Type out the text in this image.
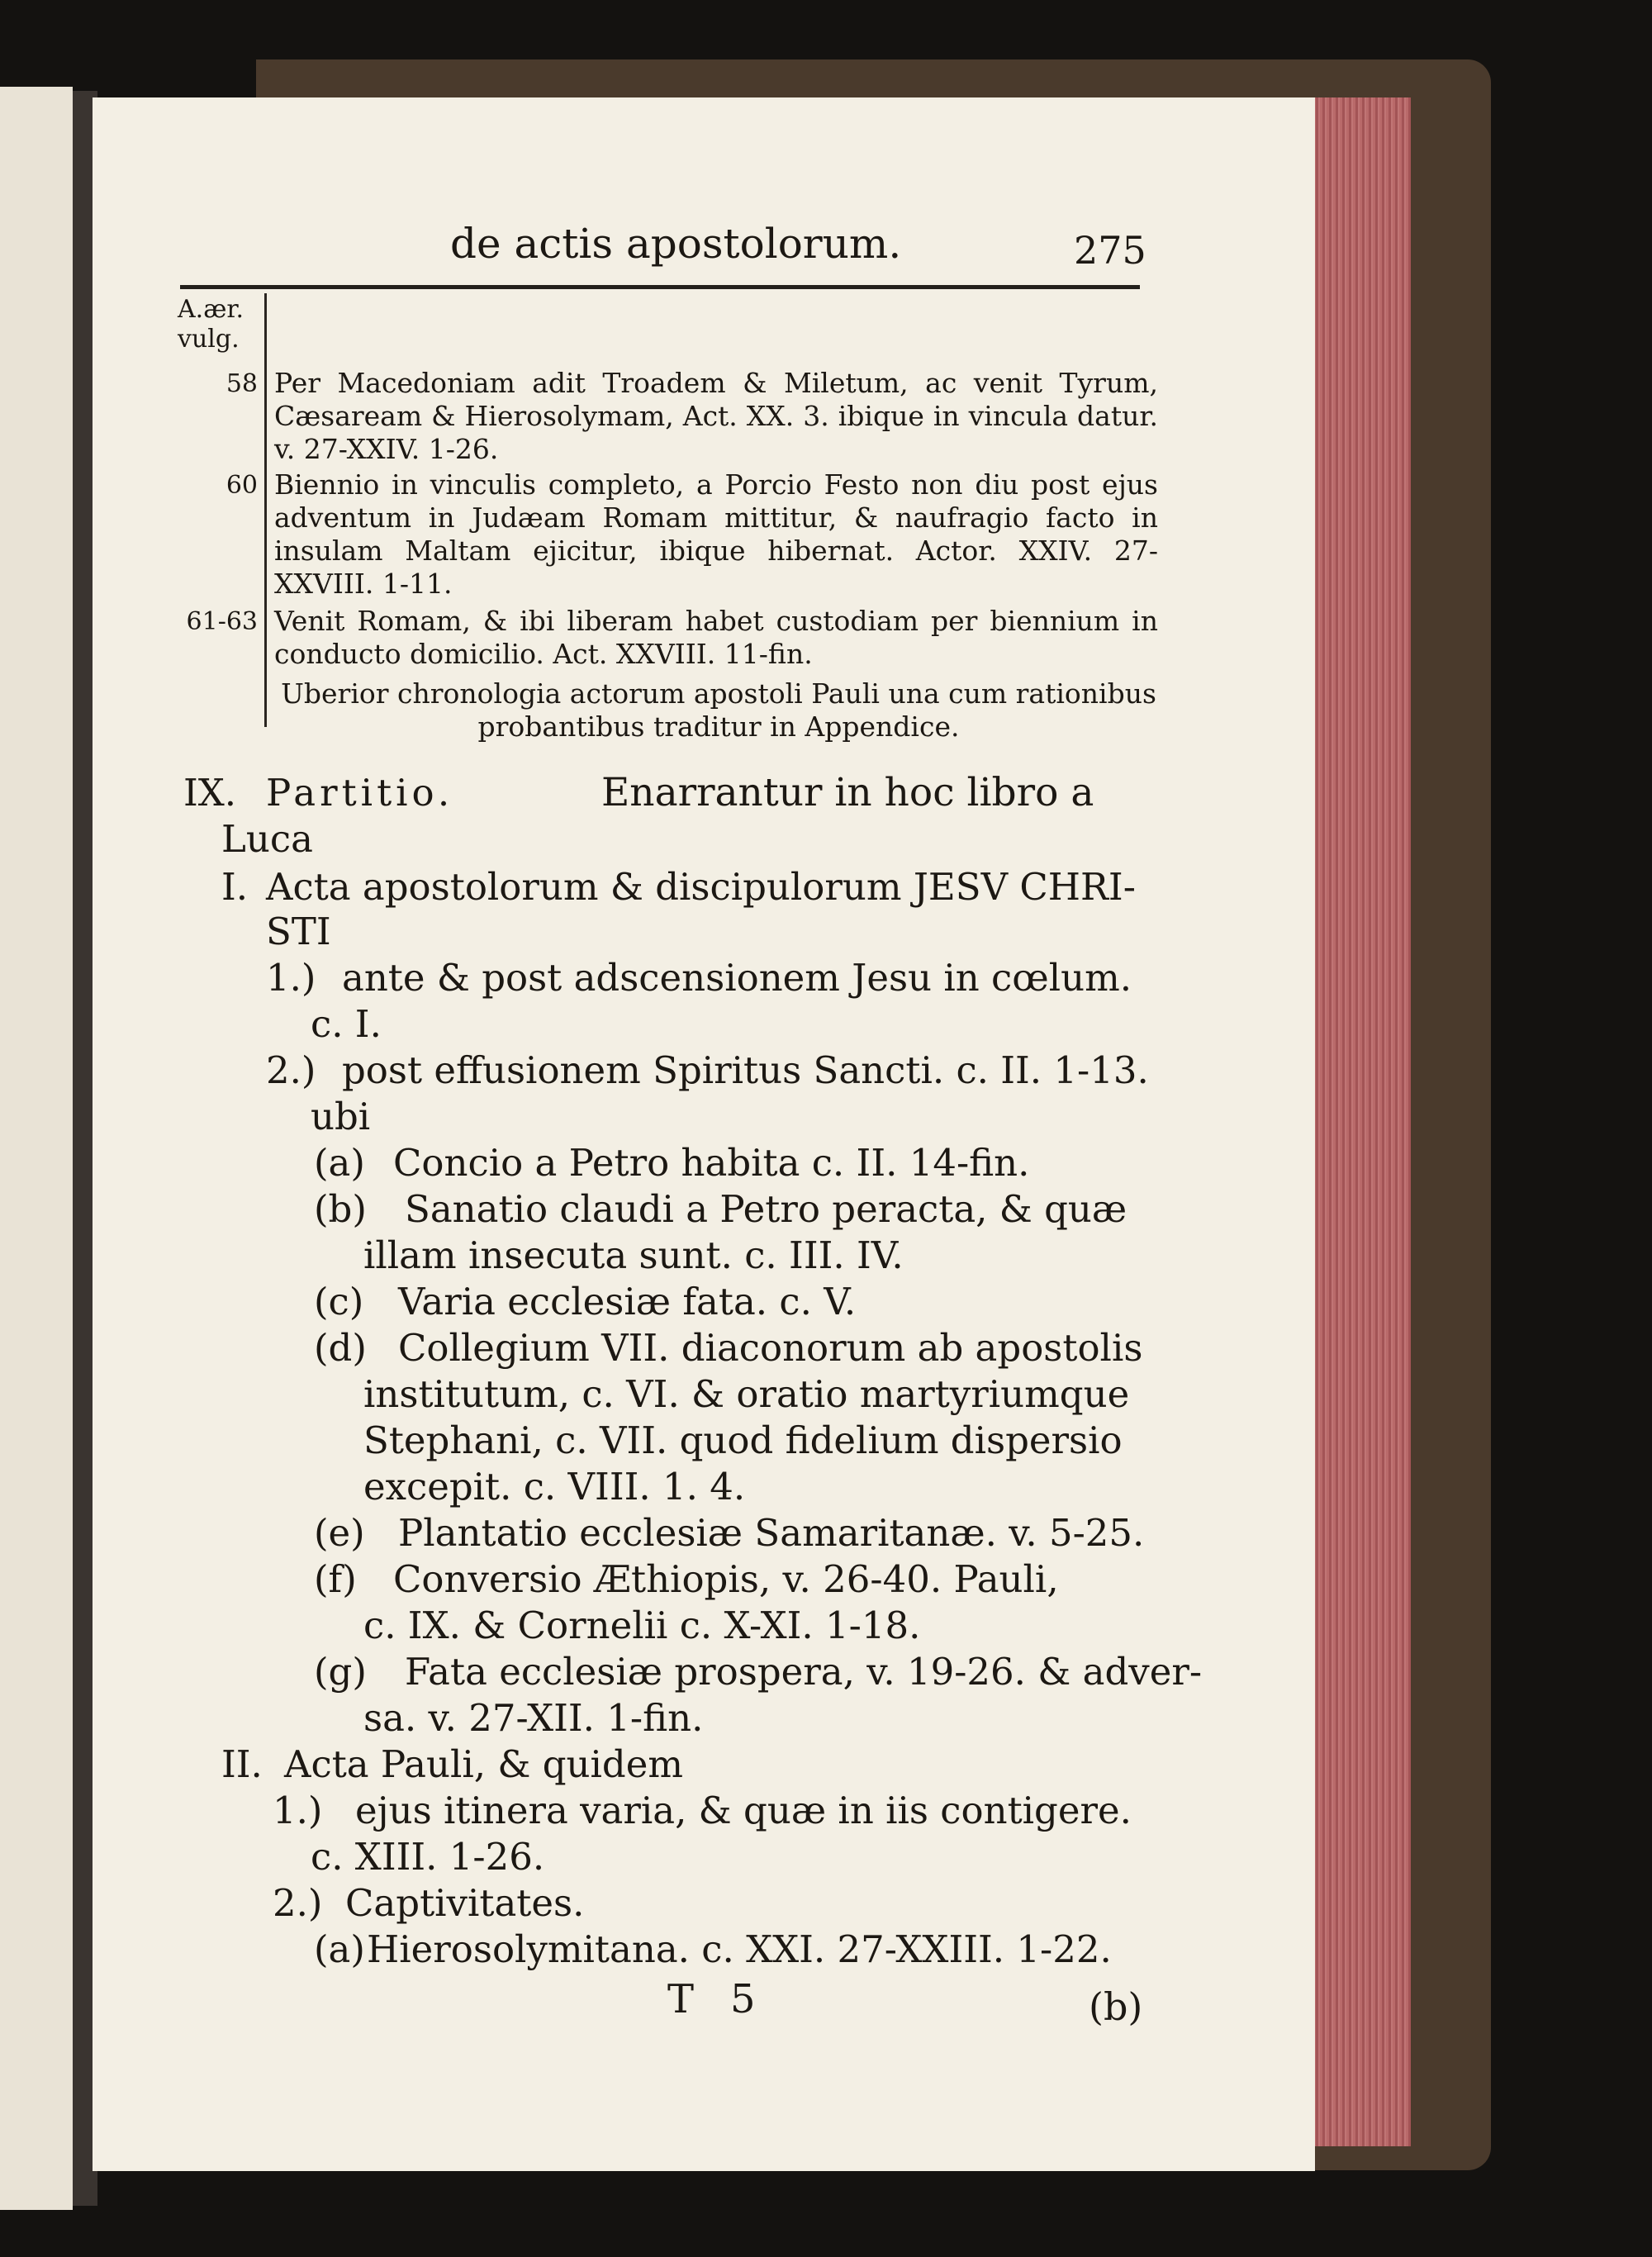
de actis apostolorum.	275
A.ær.
vulg.
58 Per Macedoniam adit Troadem & Miletum, ac venit Tyrum, Cæsaream & Hierosolymam, Act. XX. 3. ibique in vincula datur. v. 27-XXIV. 1-26.
60 Biennio in vinculis completo, a Porcio Festo non diu post ejus adventum in Judæam Romam mittitur, & naufragio facto in insulam Maltam ejicitur, ibique hibernat. Actor. XXIV. 27-XXVIII. 1-11.
61-63 Venit Romam, & ibi liberam habet custodiam per biennium in conducto domicilio. Act. XXVIII. 11-fin.
Uberior chronologia actorum apostoli Pauli una cum rationibus probantibus traditur in Appendice.
IX. Partitio.	Enarrantur in hoc libro a
Luca
I. Acta apostolorum & discipulorum JESV CHRI-
STI
1.) ante & post adscensionem Jesu in cœlum.
c. I.
2.) post effusionem Spiritus Sancti. c. II. 1-13.
ubi
(a) Concio a Petro habita c. II. 14-fin.
(b) Sanatio claudi a Petro peracta, & quæ
illam insecuta sunt. c. III. IV.
(c) Varia ecclesiæ fata. c. V.
(d) Collegium VII. diaconorum ab apostolis
institutum, c. VI. & oratio martyriumque
Stephani, c. VII. quod fidelium dispersio
excepit. c. VIII. 1. 4.
(e) Plantatio ecclesiæ Samaritanæ. v. 5-25.
(f) Conversio Æthiopis, v. 26-40. Pauli,
c. IX. & Cornelii c. X-XI. 1-18.
(g) Fata ecclesiæ prospera, v. 19-26. & adver-
sa. v. 27-XII. 1-fin.
II. Acta Pauli, & quidem
1.) ejus itinera varia, & quæ in iis contigere.
c. XIII. 1-26.
2.) Captivitates.
(a) Hierosolymitana. c. XXI. 27-XXIII. 1-22.
T 5	(b)
